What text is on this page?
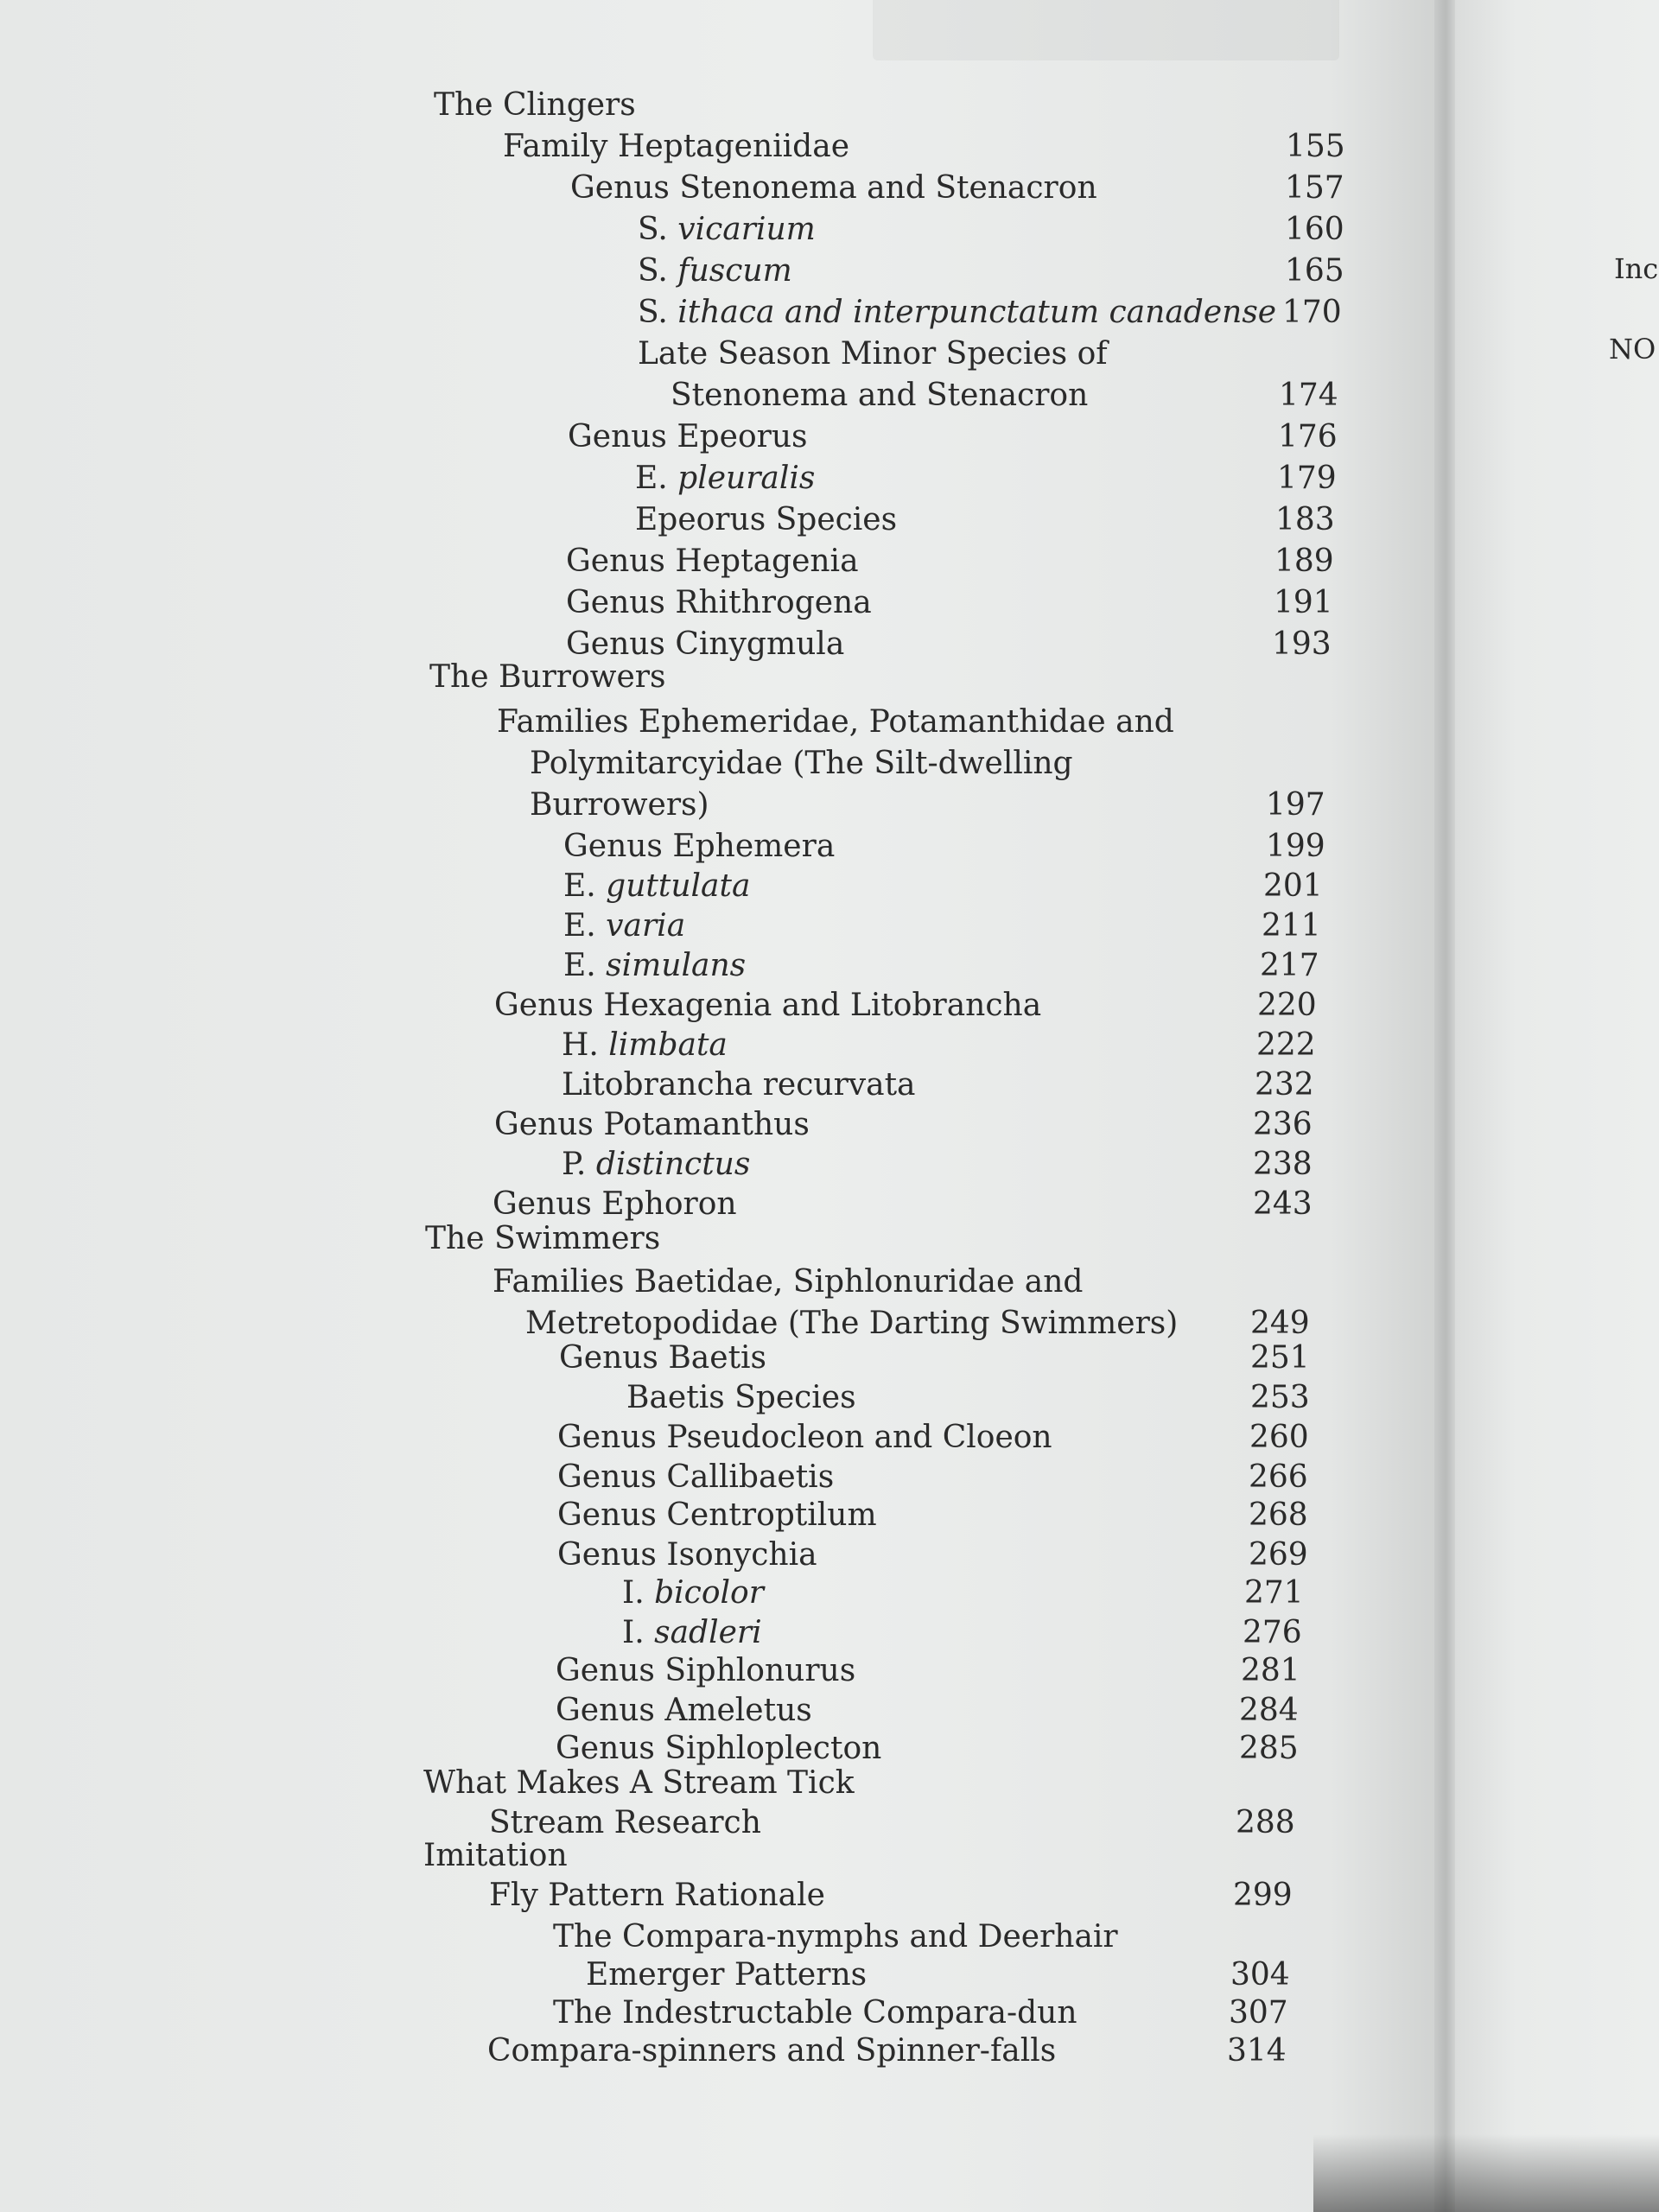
Inc
NO
The Clingers
Family Heptageniidae	155
Genus Stenonema and Stenacron	157
S. vicarium	160
S. fuscum	165
S. ithaca and interpunctatum canadense 170
Late Season Minor Species of
Stenonema and Stenacron	174
Genus Epeorus	176
E. pleuralis	179
Epeorus Species	183
Genus Heptagenia	189
Genus Rhithrogena	191
Genus Cinygmula	193
The Burrowers
Families Ephemeridae, Potamanthidae and
Polymitarcyidae (The Silt-dwelling
Burrowers)	197
Genus Ephemera	199
E. guttulata	201
E. varia	211
E. simulans	217
Genus Hexagenia and Litobrancha	220
H. limbata	222
Litobrancha recurvata	232
Genus Potamanthus	236
P. distinctus	238
Genus Ephoron	243
The Swimmers
Families Baetidae, Siphlonuridae and
Metretopodidae (The Darting Swimmers) 249
Genus Baetis	251
Baetis Species	253
Genus Pseudocleon and Cloeon	260
Genus Callibaetis	266
Genus Centroptilum	268
Genus Isonychia	269
I. bicolor	271
I. sadleri	276
Genus Siphlonurus	281
Genus Ameletus	284
Genus Siphloplecton	285
What Makes A Stream Tick
Stream Research	288
Imitation
Fly Pattern Rationale	299
The Compara-nymphs and Deerhair
Emerger Patterns	304
The Indestructable Compara-dun	307
Compara-spinners and Spinner-falls	314
